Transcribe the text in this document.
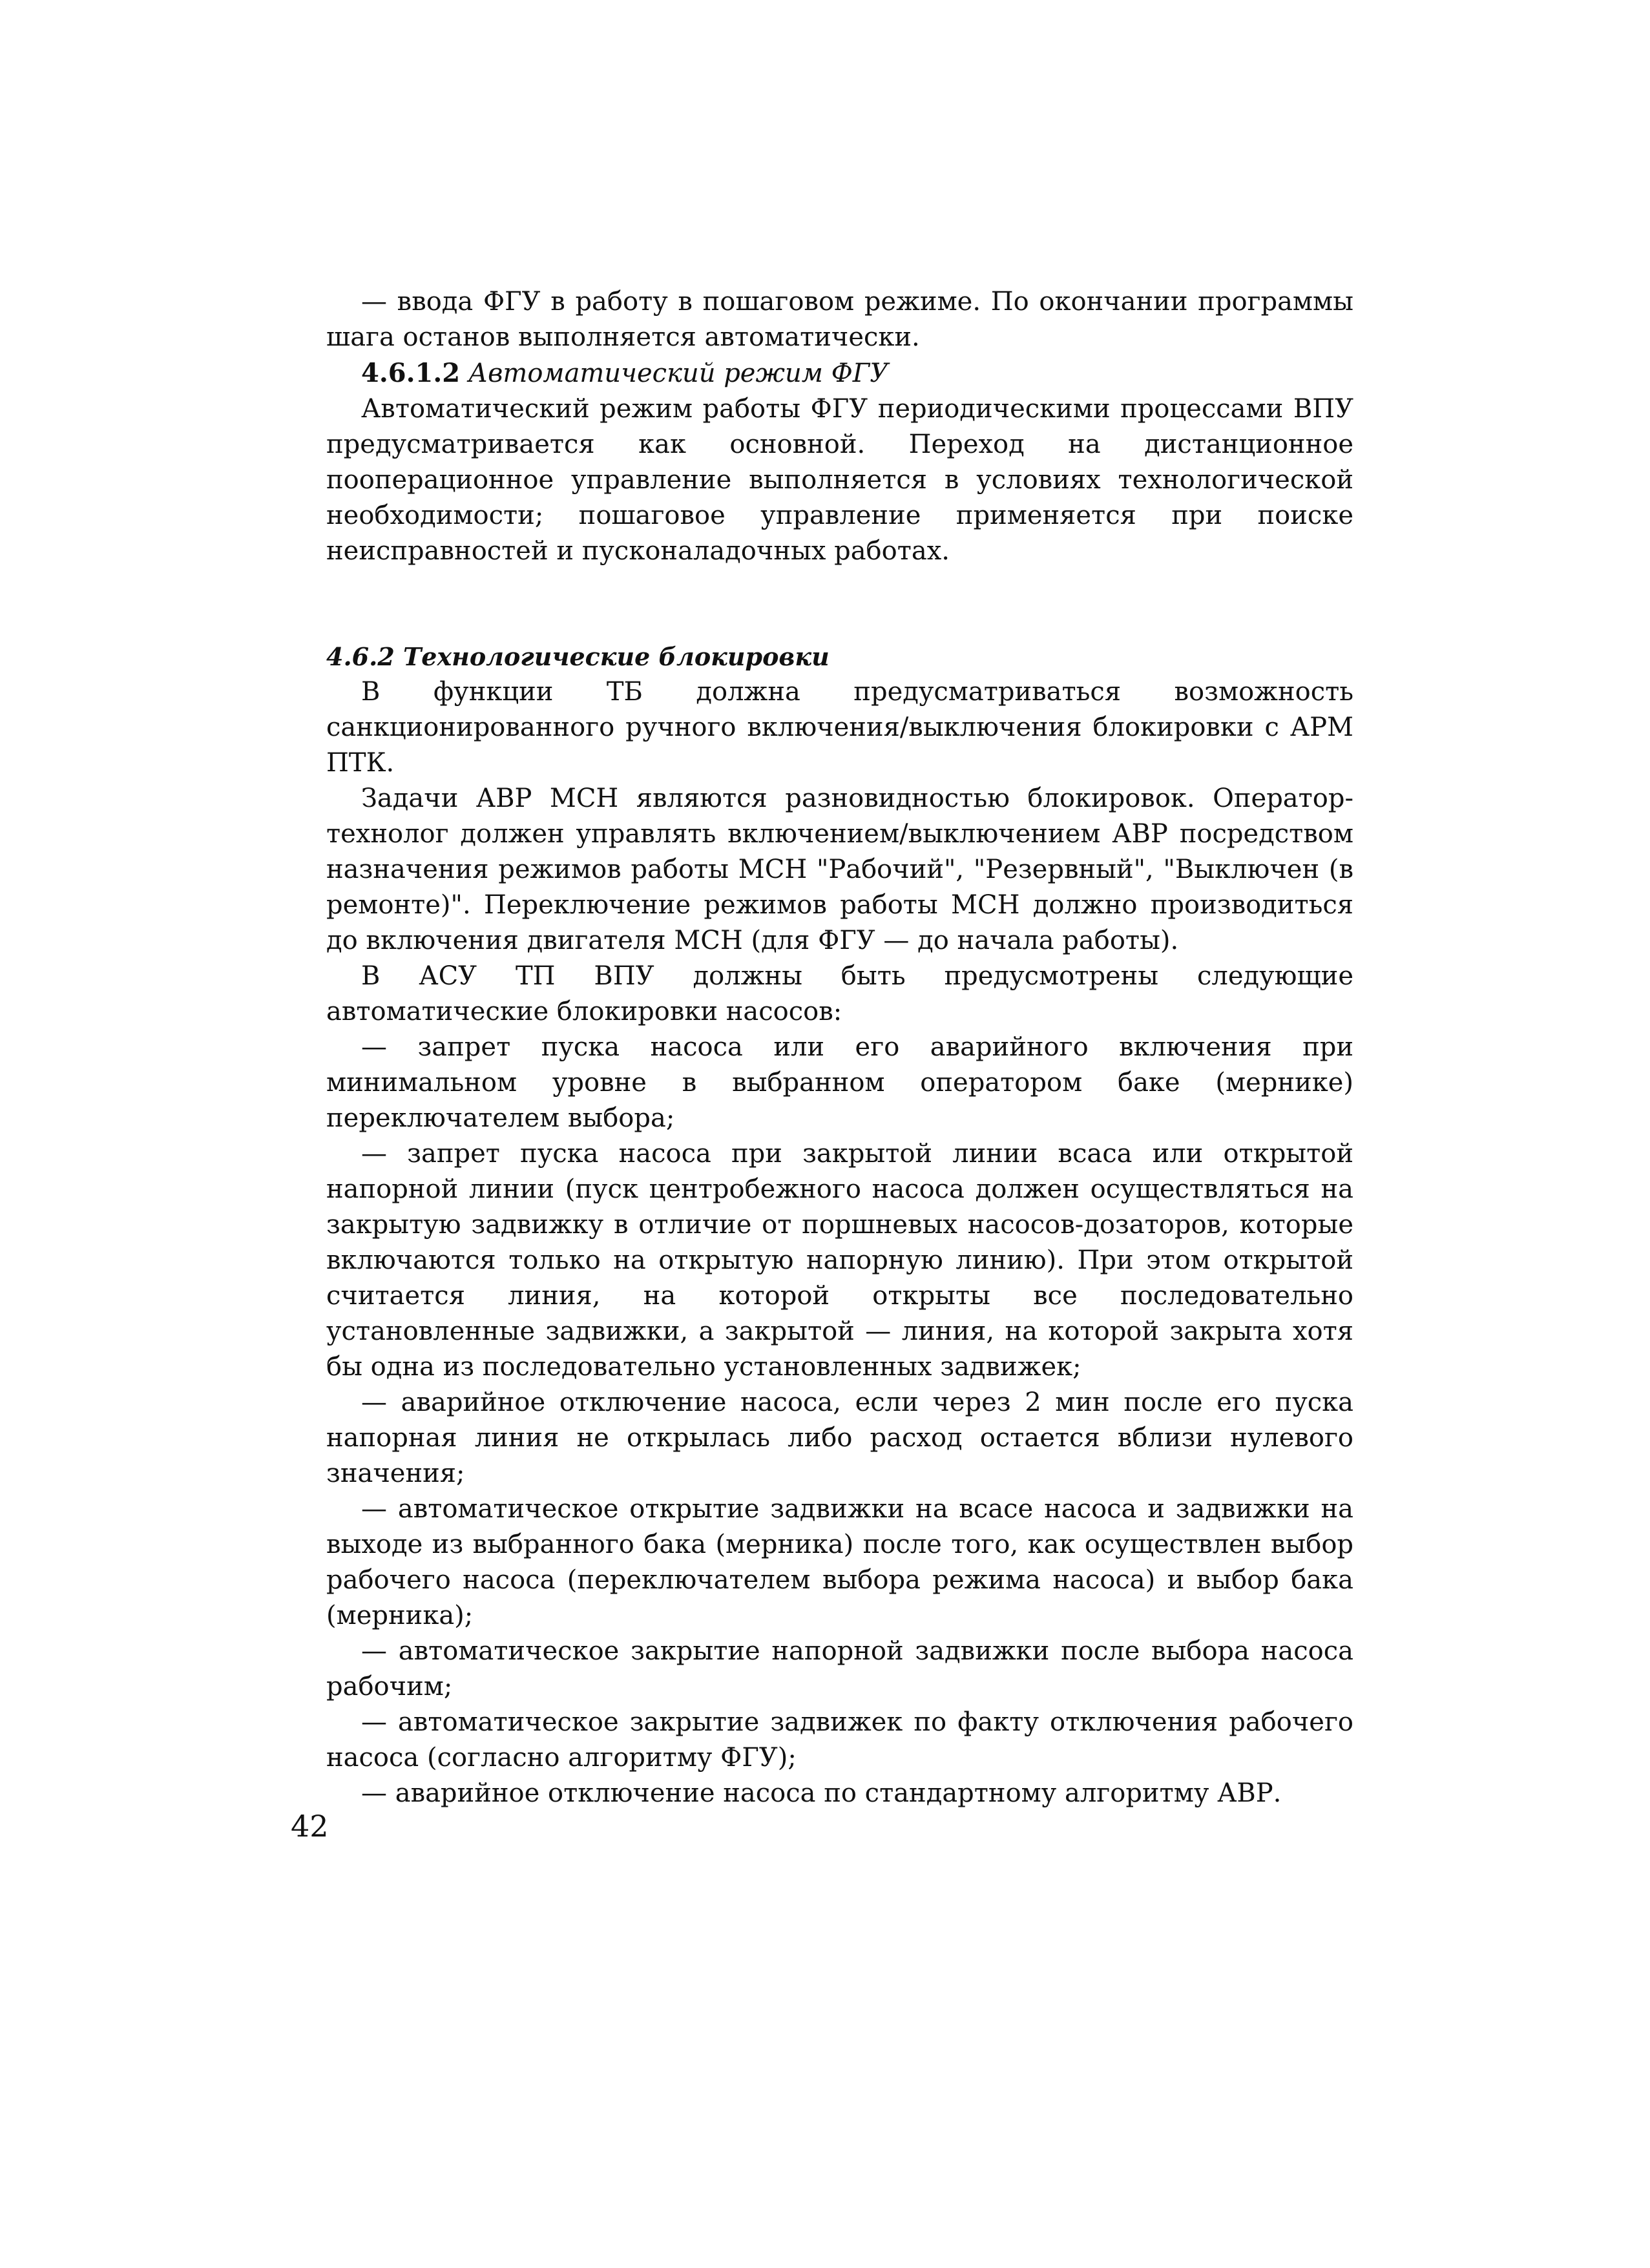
— ввода ФГУ в работу в пошаговом режиме. По окончании программы шага останов выполняется автоматически.

4.6.1.2 Автоматический режим ФГУ

Автоматический режим работы ФГУ периодическими процессами ВПУ предусматривается как основной. Переход на дистанционное пооперационное управление выполняется в условиях технологической необходимости; пошаговое управление применяется при поиске неисправностей и пусконаладочных работах.

4.6.2 Технологические блокировки

В функции ТБ должна предусматриваться возможность санкционированного ручного включения/выключения блокировки с АРМ ПТК.

Задачи АВР МСН являются разновидностью блокировок. Оператор-технолог должен управлять включением/выключением АВР посредством назначения режимов работы МСН "Рабочий", "Резервный", "Выключен (в ремонте)". Переключение режимов работы МСН должно производиться до включения двигателя МСН (для ФГУ — до начала работы).

В АСУ ТП ВПУ должны быть предусмотрены следующие автоматические блокировки насосов:

— запрет пуска насоса или его аварийного включения при минимальном уровне в выбранном оператором баке (мернике) переключателем выбора;

— запрет пуска насоса при закрытой линии всаса или открытой напорной линии (пуск центробежного насоса должен осуществляться на закрытую задвижку в отличие от поршневых насосов-дозаторов, которые включаются только на открытую напорную линию). При этом открытой считается линия, на которой открыты все последовательно установленные задвижки, а закрытой — линия, на которой закрыта хотя бы одна из последовательно установленных задвижек;

— аварийное отключение насоса, если через 2 мин после его пуска напорная линия не открылась либо расход остается вблизи нулевого значения;

— автоматическое открытие задвижки на всасе насоса и задвижки на выходе из выбранного бака (мерника) после того, как осуществлен выбор рабочего насоса (переключателем выбора режима насоса) и выбор бака (мерника);

— автоматическое закрытие напорной задвижки после выбора насоса рабочим;

— автоматическое закрытие задвижек по факту отключения рабочего насоса (согласно алгоритму ФГУ);

— аварийное отключение насоса по стандартному алгоритму АВР.

42
